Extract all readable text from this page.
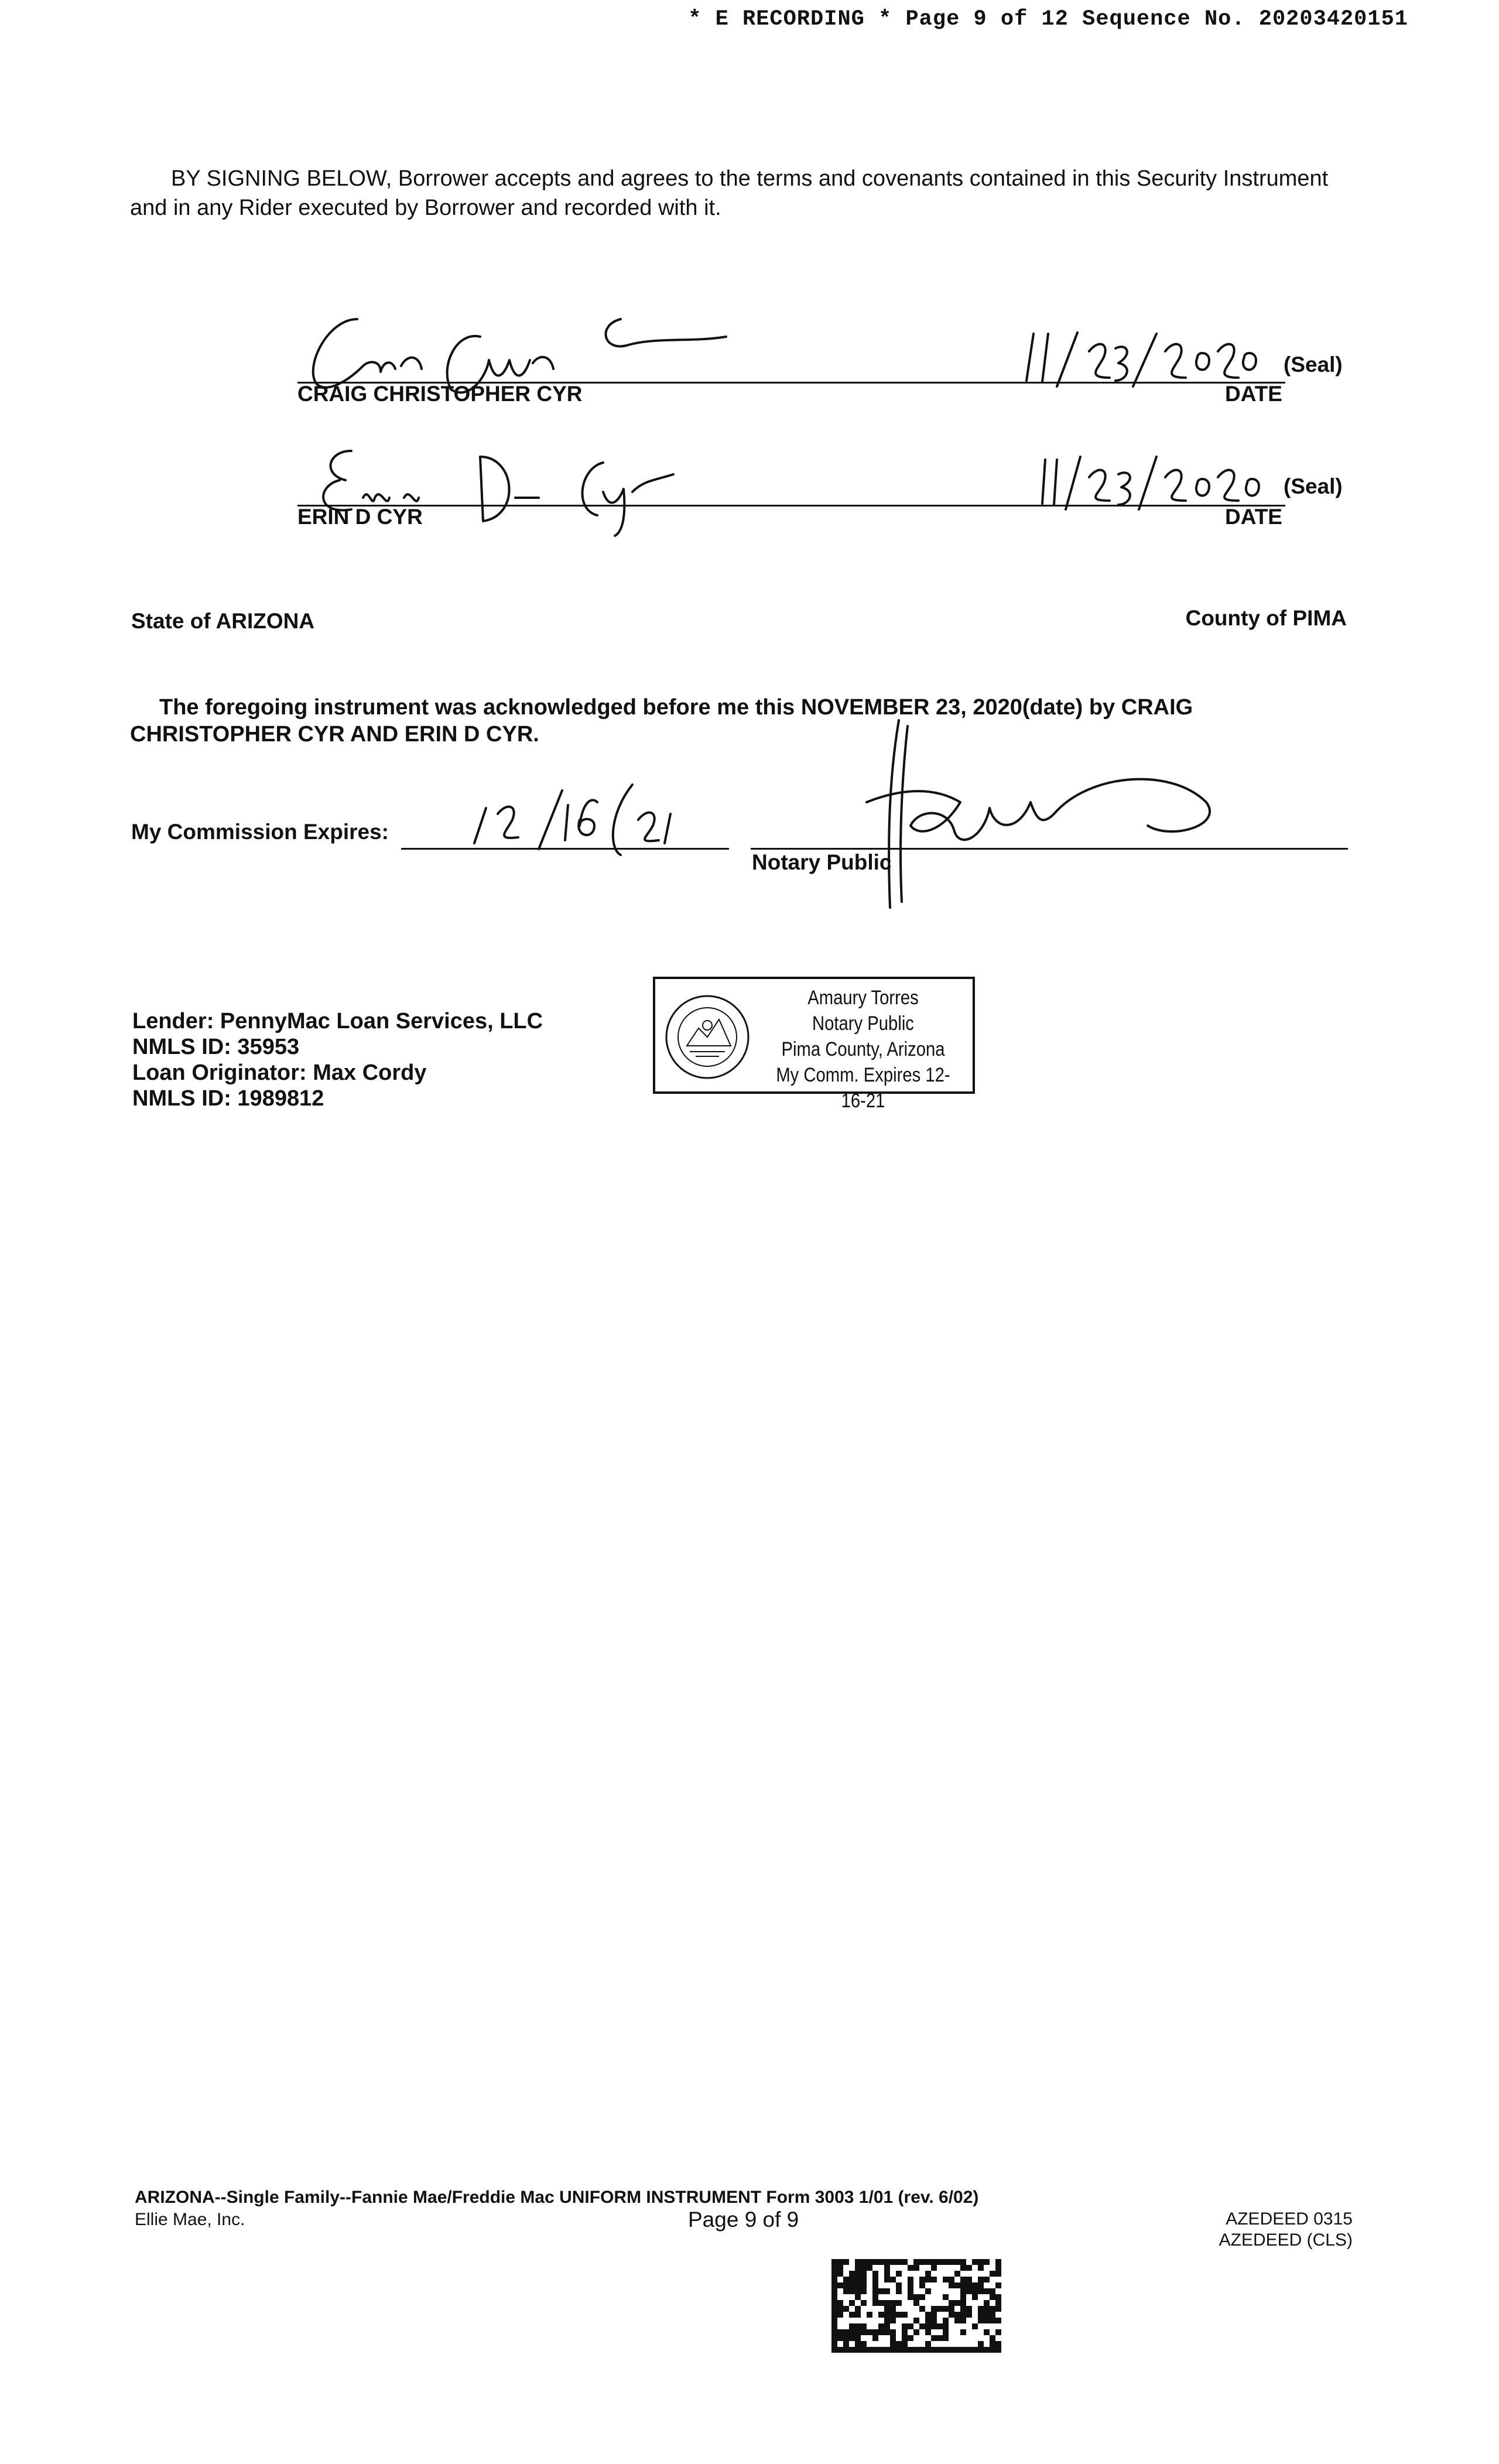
* E RECORDING * Page 9 of 12 Sequence No. 20203420151
BY SIGNING BELOW, Borrower accepts and agrees to the terms and covenants contained in this Security Instrument and in any Rider executed by Borrower and recorded with it.
CRAIG CHRISTOPHER CYR
(Seal)
DATE
ERIN D CYR
(Seal)
DATE
State of ARIZONA	County of PIMA
The foregoing instrument was acknowledged before me this NOVEMBER 23, 2020(date) by CRAIG CHRISTOPHER CYR AND ERIN D CYR.
My Commission Expires:
Notary Public
Lender: PennyMac Loan Services, LLC
NMLS ID: 35953
Loan Originator: Max Cordy
NMLS ID: 1989812
Amaury Torres
Notary Public
Pima County, Arizona
My Comm. Expires 12-16-21
ARIZONA--Single Family--Fannie Mae/Freddie Mac UNIFORM INSTRUMENT Form 3003 1/01 (rev. 6/02)
Ellie Mae, Inc.	Page 9 of 9	AZEDEED 0315
AZEDEED (CLS)
